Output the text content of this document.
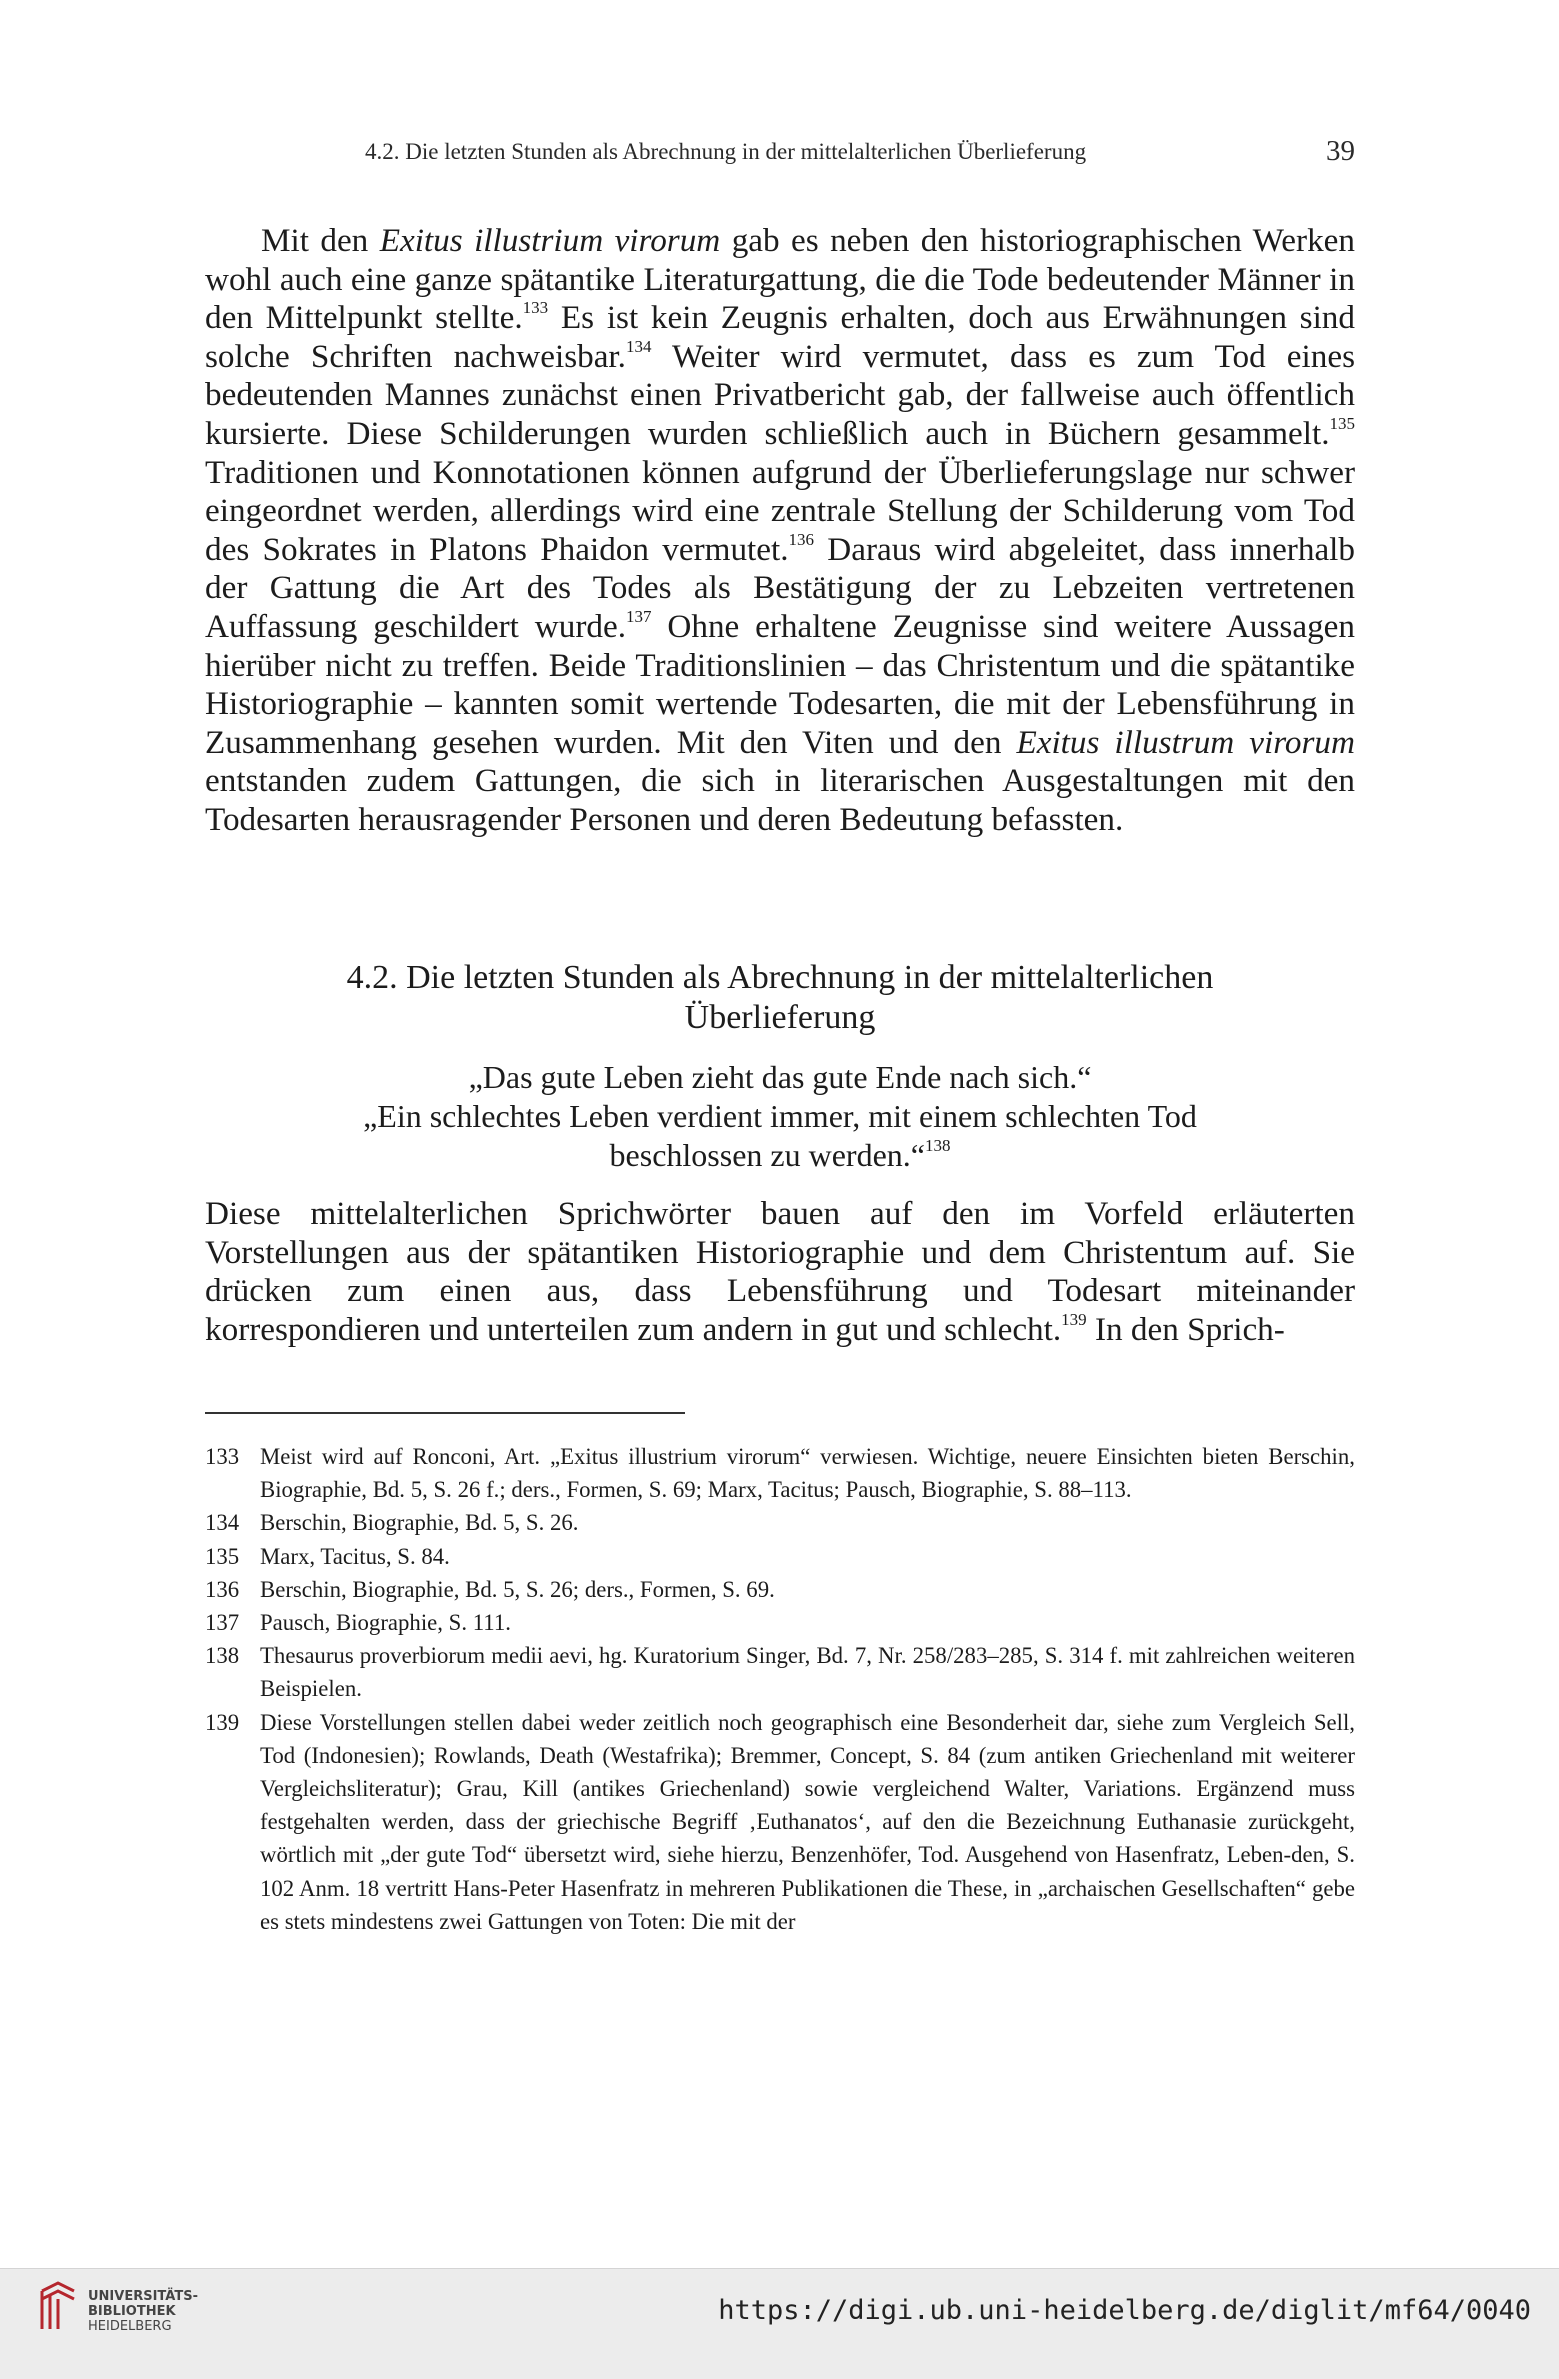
4.2. Die letzten Stunden als Abrechnung in der mittelalterlichen Überlieferung	39

Mit den Exitus illustrium virorum gab es neben den historiographischen Werken wohl auch eine ganze spätantike Literaturgattung, die die Tode bedeutender Männer in den Mittelpunkt stellte.$^{133}$ Es ist kein Zeugnis erhalten, doch aus Erwähnungen sind solche Schriften nachweisbar.$^{134}$ Weiter wird vermutet, dass es zum Tod eines bedeutenden Mannes zunächst einen Privatbericht gab, der fallweise auch öffentlich kursierte. Diese Schilderungen wurden schließlich auch in Büchern gesammelt.$^{135}$ Traditionen und Konnotationen können aufgrund der Überlieferungslage nur schwer eingeordnet werden, allerdings wird eine zentrale Stellung der Schilderung vom Tod des Sokrates in Platons Phaidon vermutet.$^{136}$ Daraus wird abgeleitet, dass innerhalb der Gattung die Art des Todes als Bestätigung der zu Lebzeiten vertretenen Auffassung geschildert wurde.$^{137}$ Ohne erhaltene Zeugnisse sind weitere Aussagen hierüber nicht zu treffen. Beide Traditionslinien – das Christentum und die spätantike Historiographie – kannten somit wertende Todesarten, die mit der Lebensführung in Zusammenhang gesehen wurden. Mit den Viten und den Exitus illustrum virorum entstanden zudem Gattungen, die sich in literarischen Ausgestaltungen mit den Todesarten herausragender Personen und deren Bedeutung befassten.

4.2. Die letzten Stunden als Abrechnung in der mittelalterlichen
Überlieferung
„Das gute Leben zieht das gute Ende nach sich.“
„Ein schlechtes Leben verdient immer, mit einem schlechten Tod
beschlossen zu werden.“$^{138}$
Diese mittelalterlichen Sprichwörter bauen auf den im Vorfeld erläuterten Vorstellungen aus der spätantiken Historiographie und dem Christentum auf. Sie drücken zum einen aus, dass Lebensführung und Todesart miteinander korrespondieren und unterteilen zum andern in gut und schlecht.$^{139}$ In den Sprich-
133 Meist wird auf Ronconi, Art. „Exitus illustrium virorum“ verwiesen. Wichtige, neuere Einsichten bieten Berschin, Biographie, Bd. 5, S. 26 f.; ders., Formen, S. 69; Marx, Tacitus; Pausch, Biographie, S. 88–113.
134 Berschin, Biographie, Bd. 5, S. 26.
135 Marx, Tacitus, S. 84.
136 Berschin, Biographie, Bd. 5, S. 26; ders., Formen, S. 69.
137 Pausch, Biographie, S. 111.
138 Thesaurus proverbiorum medii aevi, hg. Kuratorium Singer, Bd. 7, Nr. 258/283–285, S. 314 f. mit zahlreichen weiteren Beispielen.
139 Diese Vorstellungen stellen dabei weder zeitlich noch geographisch eine Besonderheit dar, siehe zum Vergleich Sell, Tod (Indonesien); Rowlands, Death (Westafrika); Bremmer, Concept, S. 84 (zum antiken Griechenland mit weiterer Vergleichsliteratur); Grau, Kill (antikes Griechenland) sowie vergleichend Walter, Variations. Ergänzend muss festgehalten werden, dass der griechische Begriff ‚Euthanatos‘, auf den die Bezeichnung Euthanasie zurückgeht, wörtlich mit „der gute Tod“ übersetzt wird, siehe hierzu, Benzenhöfer, Tod. Ausgehend von Hasenfratz, Leben-den, S. 102 Anm. 18 vertritt Hans-Peter Hasenfratz in mehreren Publikationen die These, in „archaischen Gesellschaften“ gebe es stets mindestens zwei Gattungen von Toten: Die mit der
UNIVERSITÄTS-
BIBLIOTHEK
HEIDELBERG
https://digi.ub.uni-heidelberg.de/diglit/mf64/0040
